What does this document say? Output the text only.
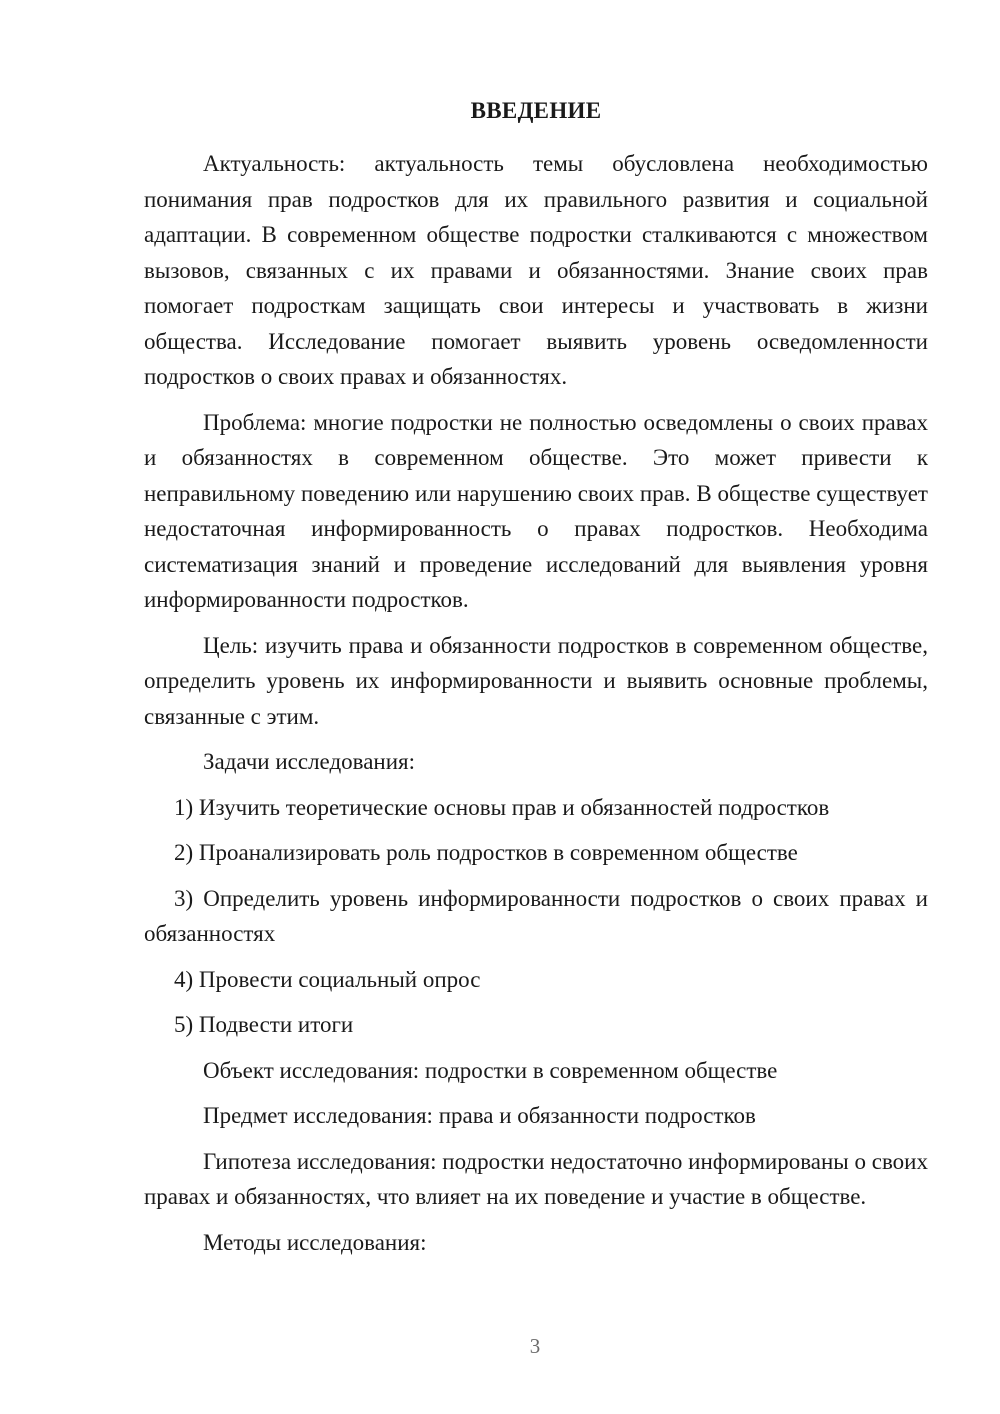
ВВЕДЕНИЕ

Актуальность: актуальность темы обусловлена необходимостью понимания прав подростков для их правильного развития и социальной адаптации. В современном обществе подростки сталкиваются с множеством вызовов, связанных с их правами и обязанностями. Знание своих прав помогает подросткам защищать свои интересы и участвовать в жизни общества. Исследование помогает выявить уровень осведомленности подростков о своих правах и обязанностях.

Проблема: многие подростки не полностью осведомлены о своих правах и обязанностях в современном обществе. Это может привести к неправильному поведению или нарушению своих прав. В обществе существует недостаточная информированность о правах подростков. Необходима систематизация знаний и проведение исследований для выявления уровня информированности подростков.

Цель: изучить права и обязанности подростков в современном обществе, определить уровень их информированности и выявить основные проблемы, связанные с этим.

Задачи исследования:

1) Изучить теоретические основы прав и обязанностей подростков

2) Проанализировать роль подростков в современном обществе

3) Определить уровень информированности подростков о своих правах и обязанностях

4) Провести социальный опрос

5) Подвести итоги

Объект исследования: подростки в современном обществе

Предмет исследования: права и обязанности подростков

Гипотеза исследования: подростки недостаточно информированы о своих правах и обязанностях, что влияет на их поведение и участие в обществе.

Методы исследования:

3
